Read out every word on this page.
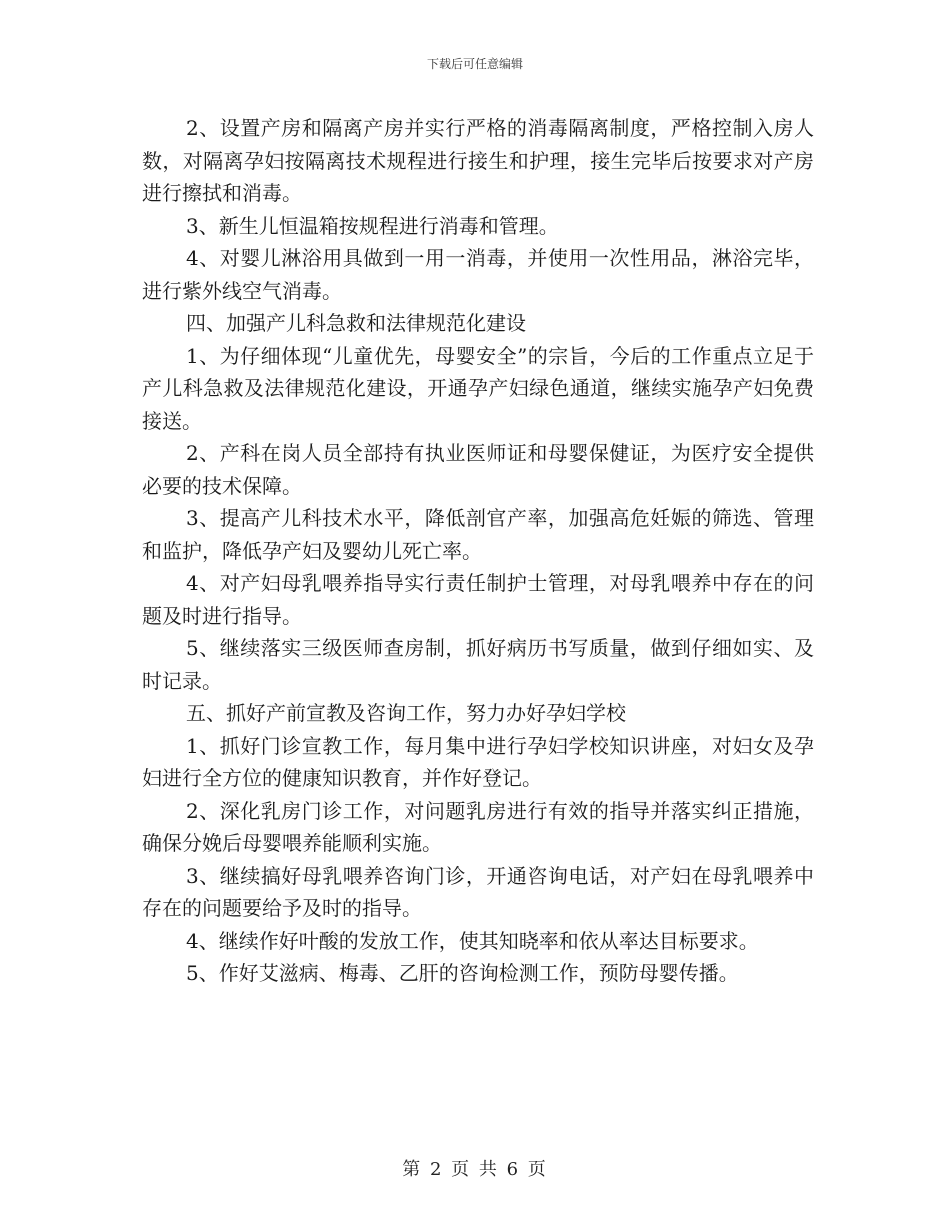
下载后可任意编辑

2、设置产房和隔离产房并实行严格的消毒隔离制度，严格控制入房人数，对隔离孕妇按隔离技术规程进行接生和护理，接生完毕后按要求对产房进行擦拭和消毒。

3、新生儿恒温箱按规程进行消毒和管理。

4、对婴儿淋浴用具做到一用一消毒，并使用一次性用品，淋浴完毕，进行紫外线空气消毒。

四、加强产儿科急救和法律规范化建设

1、为仔细体现“儿童优先，母婴安全”的宗旨，今后的工作重点立足于产儿科急救及法律规范化建设，开通孕产妇绿色通道，继续实施孕产妇免费接送。

2、产科在岗人员全部持有执业医师证和母婴保健证，为医疗安全提供必要的技术保障。

3、提高产儿科技术水平，降低剖官产率，加强高危妊娠的筛选、管理和监护，降低孕产妇及婴幼儿死亡率。

4、对产妇母乳喂养指导实行责任制护士管理，对母乳喂养中存在的问题及时进行指导。

5、继续落实三级医师查房制，抓好病历书写质量，做到仔细如实、及时记录。

五、抓好产前宣教及咨询工作，努力办好孕妇学校

1、抓好门诊宣教工作，每月集中进行孕妇学校知识讲座，对妇女及孕妇进行全方位的健康知识教育，并作好登记。

2、深化乳房门诊工作，对问题乳房进行有效的指导并落实纠正措施，确保分娩后母婴喂养能顺利实施。

3、继续搞好母乳喂养咨询门诊，开通咨询电话，对产妇在母乳喂养中存在的问题要给予及时的指导。

4、继续作好叶酸的发放工作，使其知晓率和依从率达目标要求。

5、作好艾滋病、梅毒、乙肝的咨询检测工作，预防母婴传播。

第 2 页 共 6 页
